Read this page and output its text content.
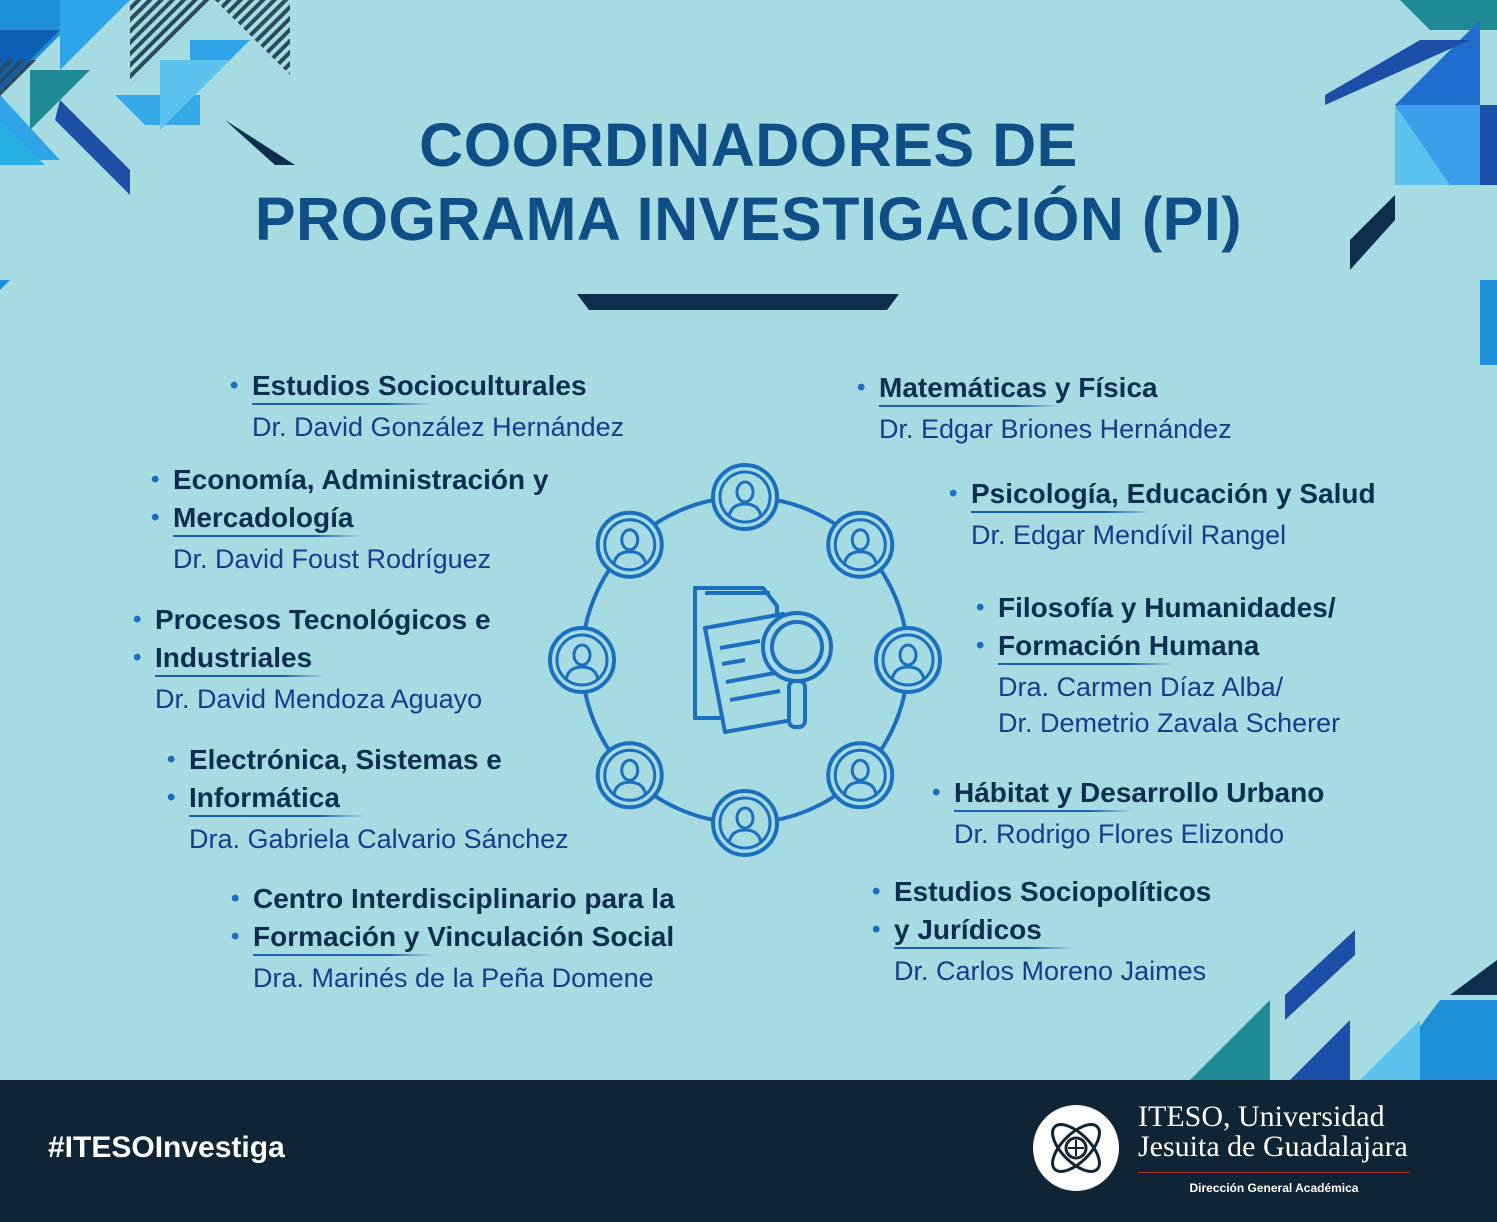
COORDINADORES DE
PROGRAMA INVESTIGACIÓN (PI)

• Estudios Socioculturales

Dr. David González Hernández

• Economía, Administración y

• Mercadología

Dr. David Foust Rodríguez

• Procesos Tecnológicos e

• Industriales

Dr. David Mendoza Aguayo

• Electrónica, Sistemas e

• Informática

Dra. Gabriela Calvario Sánchez

• Centro Interdisciplinario para la

• Formación y Vinculación Social

Dra. Marinés de la Peña Domene

• Matemáticas y Física

Dr. Edgar Briones Hernández

• Psicología, Educación y Salud

Dr. Edgar Mendívil Rangel

• Filosofía y Humanidades/

• Formación Humana

Dra. Carmen Díaz Alba/

Dr. Demetrio Zavala Scherer

• Hábitat y Desarrollo Urbano

Dr. Rodrigo Flores Elizondo

• Estudios Sociopolíticos

• y Jurídicos

Dr. Carlos Moreno Jaimes

#ITESOInvestiga
ITESO, Universidad
Jesuita de Guadalajara
Dirección General Académica
